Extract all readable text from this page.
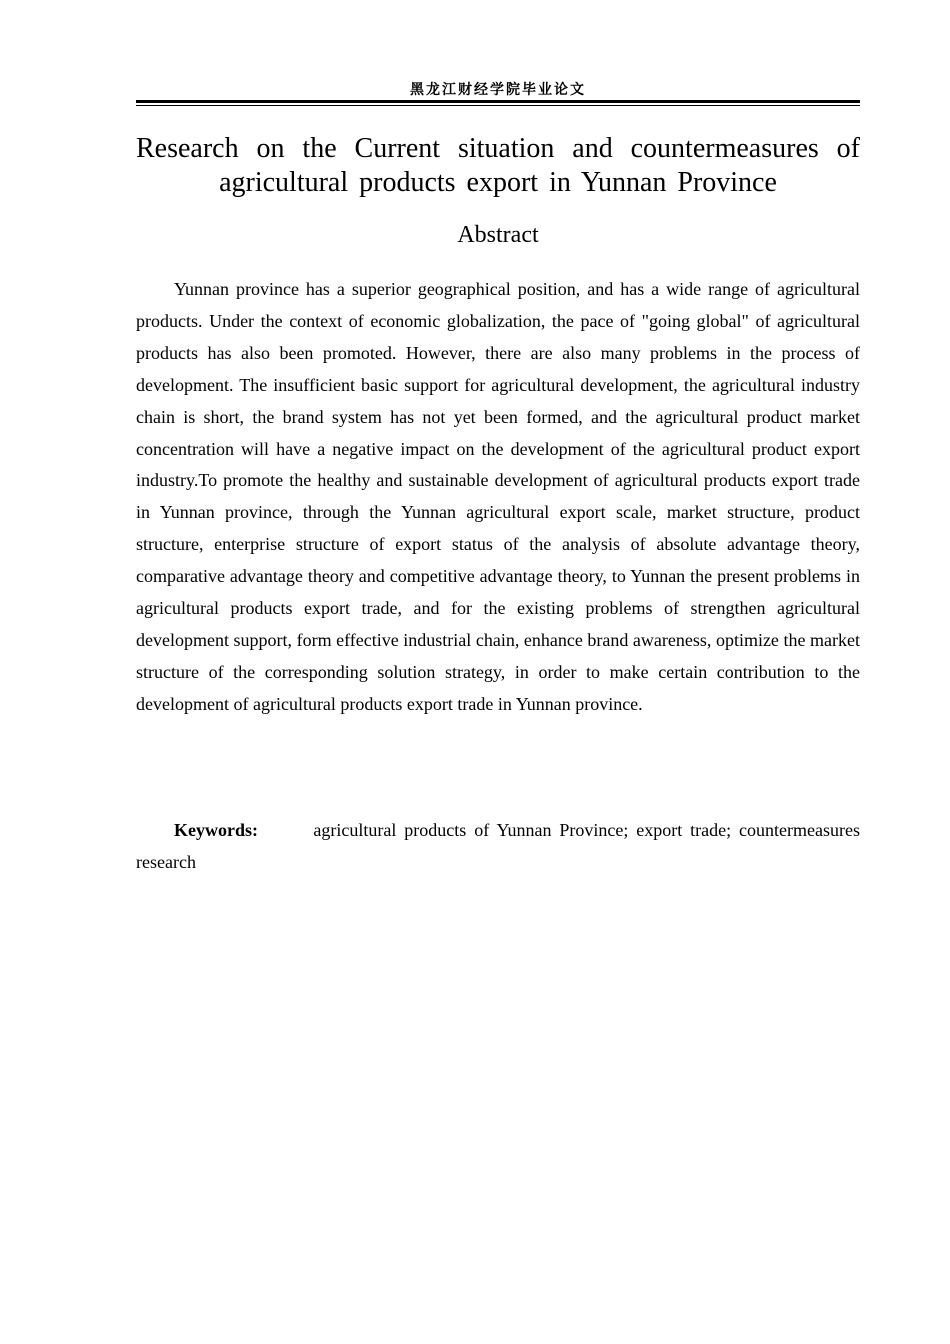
黑龙江财经学院毕业论文
Research on the Current situation and countermeasures of agricultural products export in Yunnan Province
Abstract

Yunnan province has a superior geographical position, and has a wide range of agricultural products. Under the context of economic globalization, the pace of "going global" of agricultural products has also been promoted. However, there are also many problems in the process of development. The insufficient basic support for agricultural development, the agricultural industry chain is short, the brand system has not yet been formed, and the agricultural product market concentration will have a negative impact on the development of the agricultural product export industry.To promote the healthy and sustainable development of agricultural products export trade in Yunnan province, through the Yunnan agricultural export scale, market structure, product structure, enterprise structure of export status of the analysis of absolute advantage theory, comparative advantage theory and competitive advantage theory, to Yunnan the present problems in agricultural products export trade, and for the existing problems of strengthen agricultural development support, form effective industrial chain, enhance brand awareness, optimize the market structure of the corresponding solution strategy, in order to make certain contribution to the development of agricultural products export trade in Yunnan province.

Keywords:	agricultural products of Yunnan Province; export trade; countermeasures research
